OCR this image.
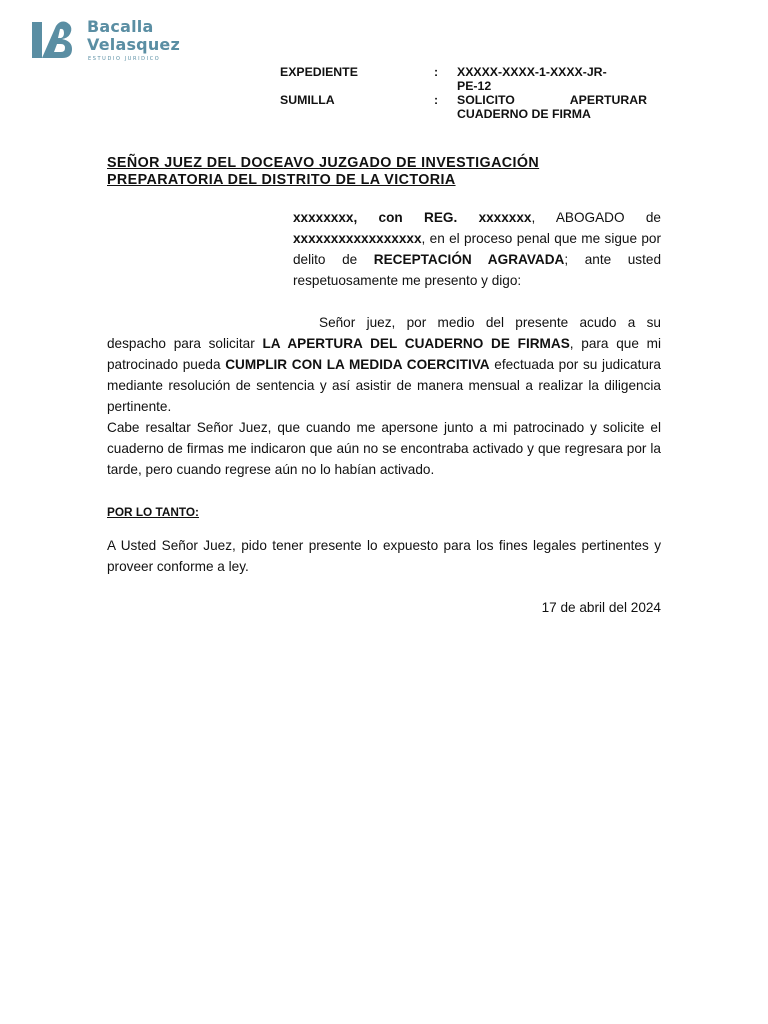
Bacalla
Velasquez
ESTUDIO JURIDICO
EXPEDIENTE	:	XXXXX-XXXX-1-XXXX-JR-
PE-12
SUMILLA	:	SOLICITO	APERTURAR
CUADERNO DE FIRMA
SEÑOR JUEZ DEL DOCEAVO JUZGADO DE INVESTIGACIÓN
PREPARATORIA DEL DISTRITO DE LA VICTORIA
xxxxxxxx, con REG. xxxxxxx, ABOGADO de xxxxxxxxxxxxxxxxx, en el proceso penal que me sigue por delito de RECEPTACIÓN AGRAVADA; ante usted respetuosamente me presento y digo:
Señor juez, por medio del presente acudo a su despacho para solicitar LA APERTURA DEL CUADERNO DE FIRMAS, para que mi patrocinado pueda CUMPLIR CON LA MEDIDA COERCITIVA efectuada por su judicatura mediante resolución de sentencia y así asistir de manera mensual a realizar la diligencia pertinente.
Cabe resaltar Señor Juez, que cuando me apersone junto a mi patrocinado y solicite el cuaderno de firmas me indicaron que aún no se encontraba activado y que regresara por la tarde, pero cuando regrese aún no lo habían activado.
POR LO TANTO:
A Usted Señor Juez, pido tener presente lo expuesto para los fines legales pertinentes y proveer conforme a ley.
17 de abril del 2024
